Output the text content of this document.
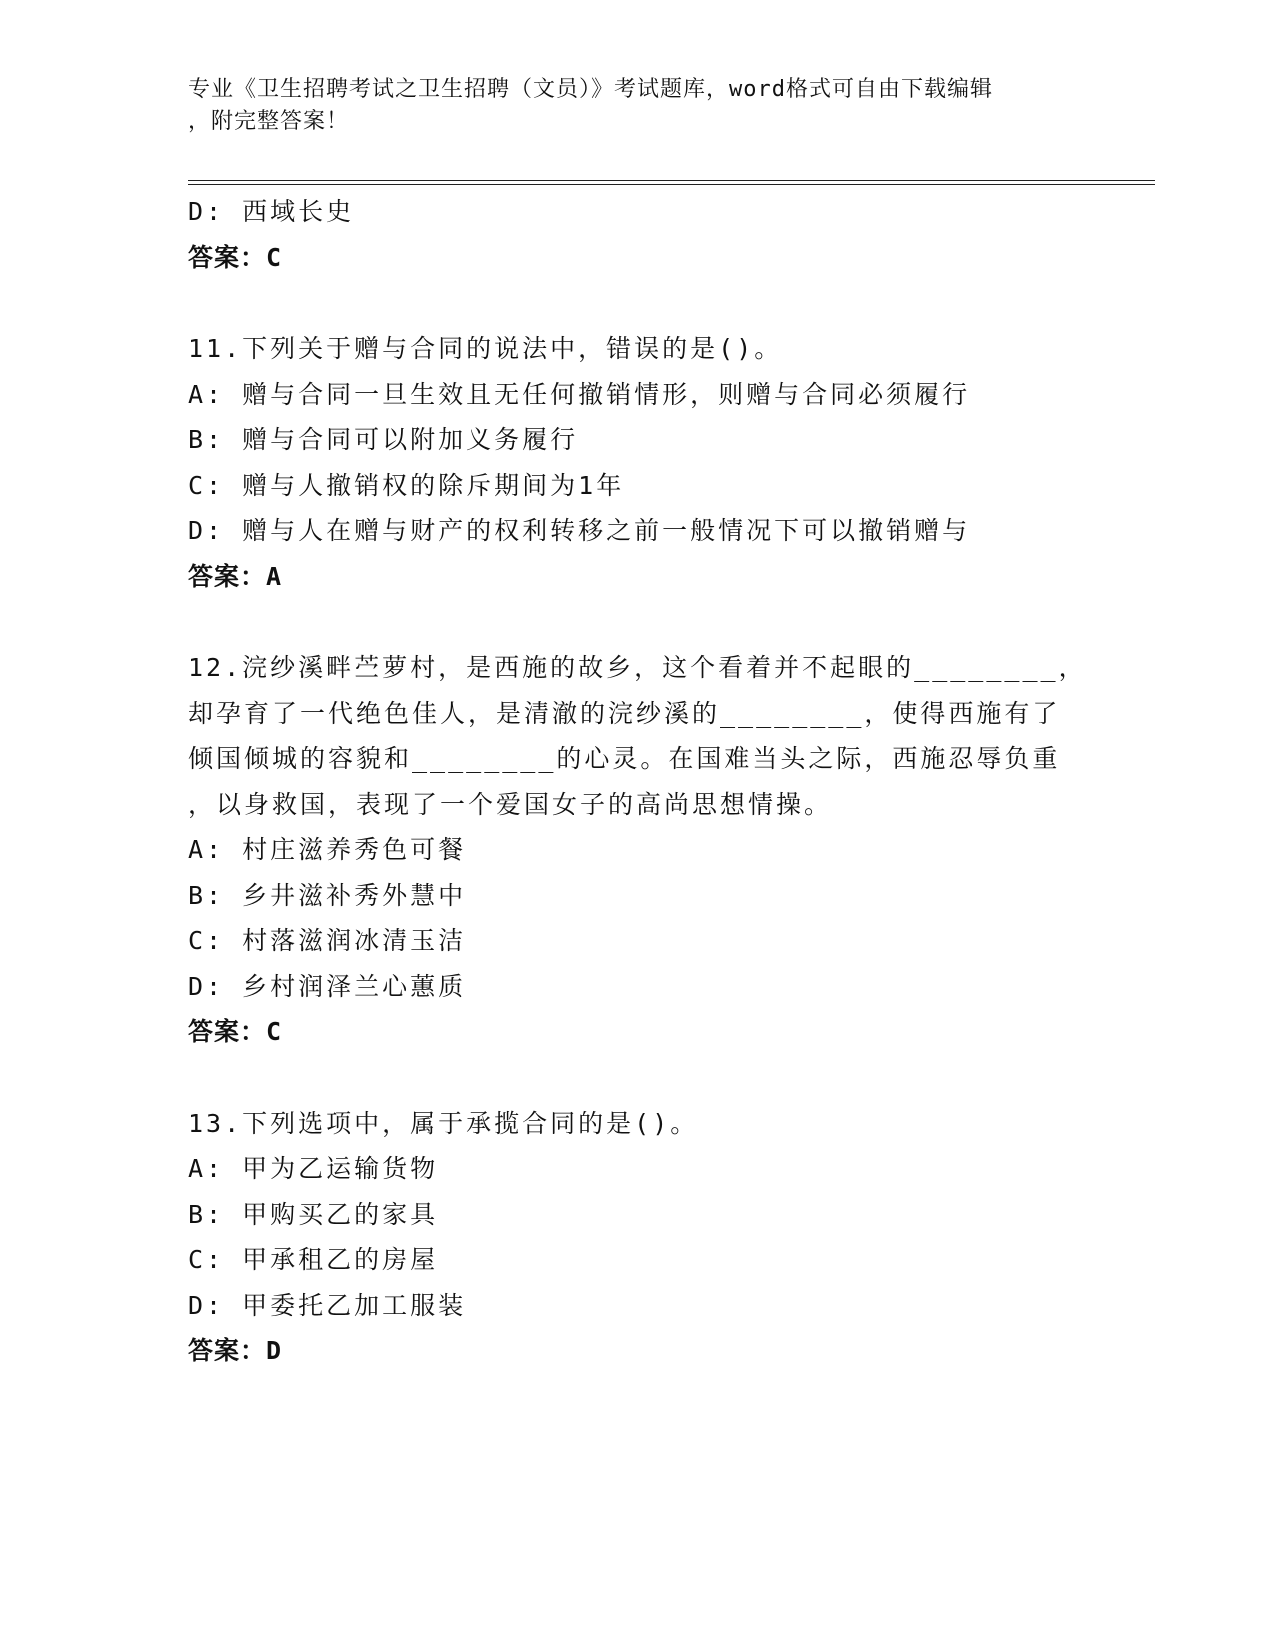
专业《卫生招聘考试之卫生招聘（文员）》考试题库，word格式可自由下载编辑
，附完整答案！
D: 西域长史
答案：C
11.下列关于赠与合同的说法中，错误的是()。
A: 赠与合同一旦生效且无任何撤销情形，则赠与合同必须履行
B: 赠与合同可以附加义务履行
C: 赠与人撤销权的除斥期间为1年
D: 赠与人在赠与财产的权利转移之前一般情况下可以撤销赠与
答案：A
12.浣纱溪畔苎萝村，是西施的故乡，这个看着并不起眼的________，
却孕育了一代绝色佳人，是清澈的浣纱溪的________，使得西施有了
倾国倾城的容貌和________的心灵。在国难当头之际，西施忍辱负重
，以身救国，表现了一个爱国女子的高尚思想情操。
A: 村庄滋养秀色可餐
B: 乡井滋补秀外慧中
C: 村落滋润冰清玉洁
D: 乡村润泽兰心蕙质
答案：C
13.下列选项中，属于承揽合同的是()。
A: 甲为乙运输货物
B: 甲购买乙的家具
C: 甲承租乙的房屋
D: 甲委托乙加工服装
答案：D
